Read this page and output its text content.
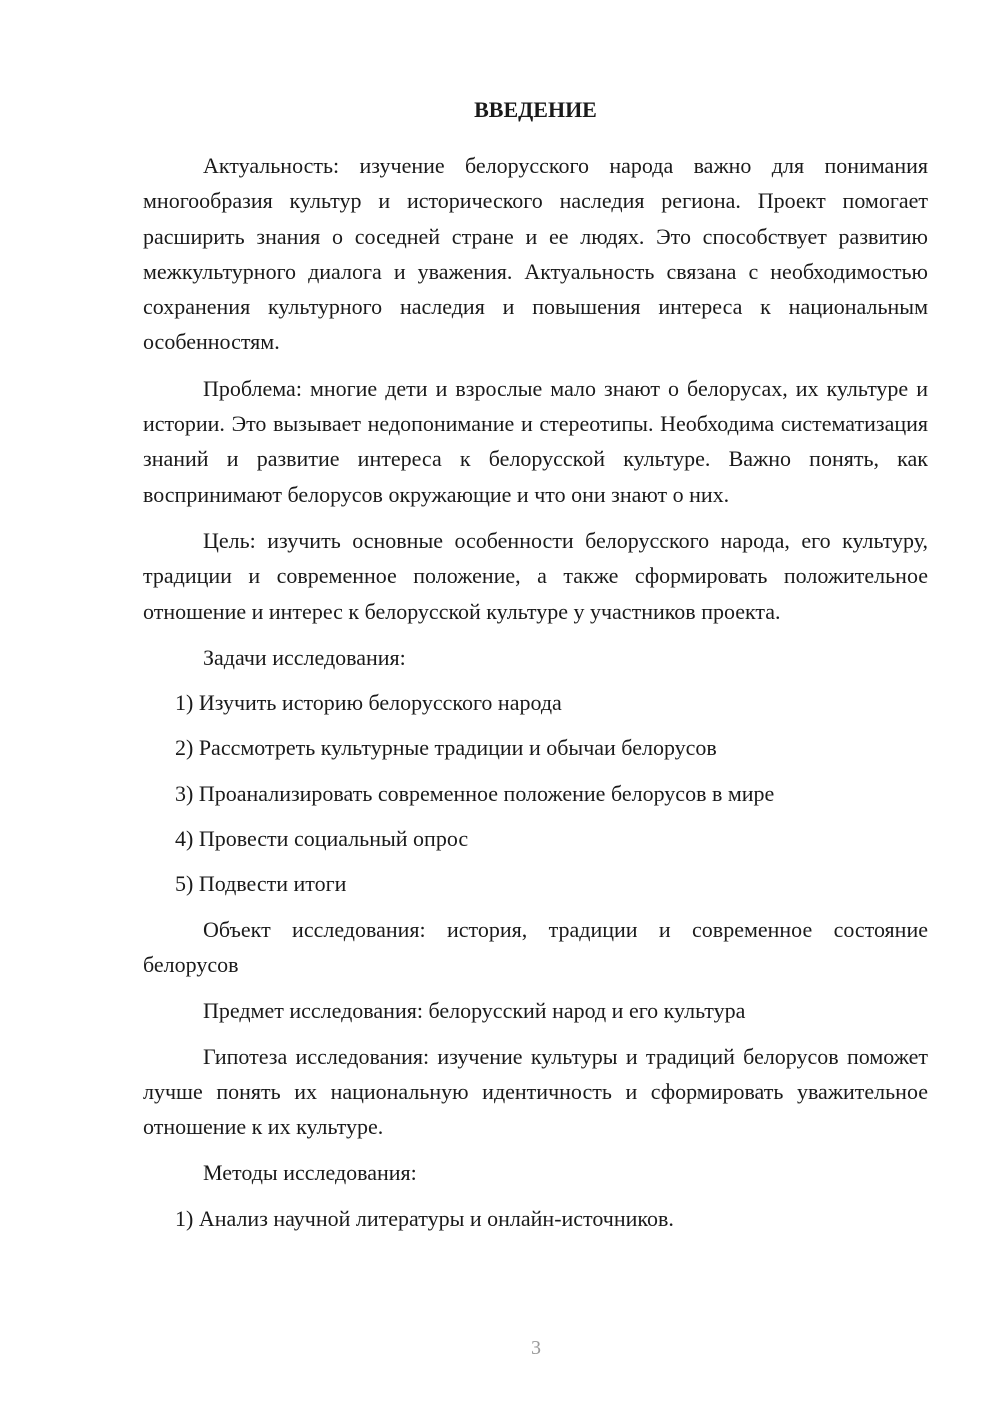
ВВЕДЕНИЕ

Актуальность: изучение белорусского народа важно для понимания многообразия культур и исторического наследия региона. Проект помогает расширить знания о соседней стране и ее людях. Это способствует развитию межкультурного диалога и уважения. Актуальность связана с необходимостью сохранения культурного наследия и повышения интереса к национальным особенностям.

Проблема: многие дети и взрослые мало знают о белорусах, их культуре и истории. Это вызывает недопонимание и стереотипы. Необходима систематизация знаний и развитие интереса к белорусской культуре. Важно понять, как воспринимают белорусов окружающие и что они знают о них.

Цель: изучить основные особенности белорусского народа, его культуру, традиции и современное положение, а также сформировать положительное отношение и интерес к белорусской культуре у участников проекта.

Задачи исследования:

1) Изучить историю белорусского народа

2) Рассмотреть культурные традиции и обычаи белорусов

3) Проанализировать современное положение белорусов в мире

4) Провести социальный опрос

5) Подвести итоги

Объект исследования: история, традиции и современное состояние белорусов

Предмет исследования: белорусский народ и его культура

Гипотеза исследования: изучение культуры и традиций белорусов поможет лучше понять их национальную идентичность и сформировать уважительное отношение к их культуре.

Методы исследования:

1) Анализ научной литературы и онлайн-источников.

3
